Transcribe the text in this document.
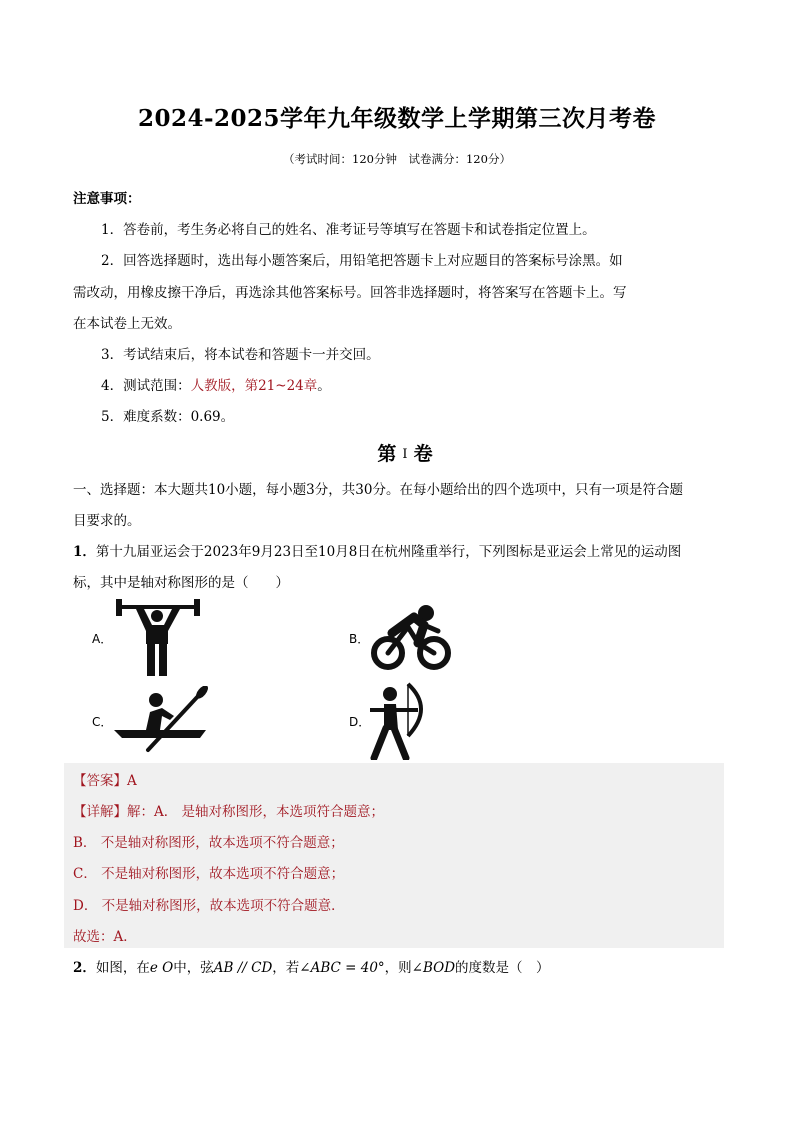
2024-2025学年九年级数学上学期第三次月考卷
（考试时间：120分钟　试卷满分：120分）
注意事项：
1．答卷前，考生务必将自己的姓名、准考证号等填写在答题卡和试卷指定位置上。
2．回答选择题时，选出每小题答案后，用铅笔把答题卡上对应题目的答案标号涂黑。如
需改动，用橡皮擦干净后，再选涂其他答案标号。回答非选择题时，将答案写在答题卡上。写
在本试卷上无效。
3．考试结束后，将本试卷和答题卡一并交回。
4．测试范围：人教版，第21~24章。
5．难度系数：0.69。
第 I 卷
一、选择题：本大题共10小题，每小题3分，共30分。在每小题给出的四个选项中，只有一项是符合题
目要求的。
1．第十九届亚运会于2023年9月23日至10月8日在杭州隆重举行，下列图标是亚运会上常见的运动图
标，其中是轴对称图形的是（　　）
A．	B．
C．	D．
【答案】A
【详解】解：A． 是轴对称图形，本选项符合题意；
B． 不是轴对称图形，故本选项不符合题意；
C． 不是轴对称图形，故本选项不符合题意；
D． 不是轴对称图形，故本选项不符合题意．
故选：A．
2．如图，在e O中，弦AB // CD，若∠ABC = 40°，则∠BOD的度数是（　）
